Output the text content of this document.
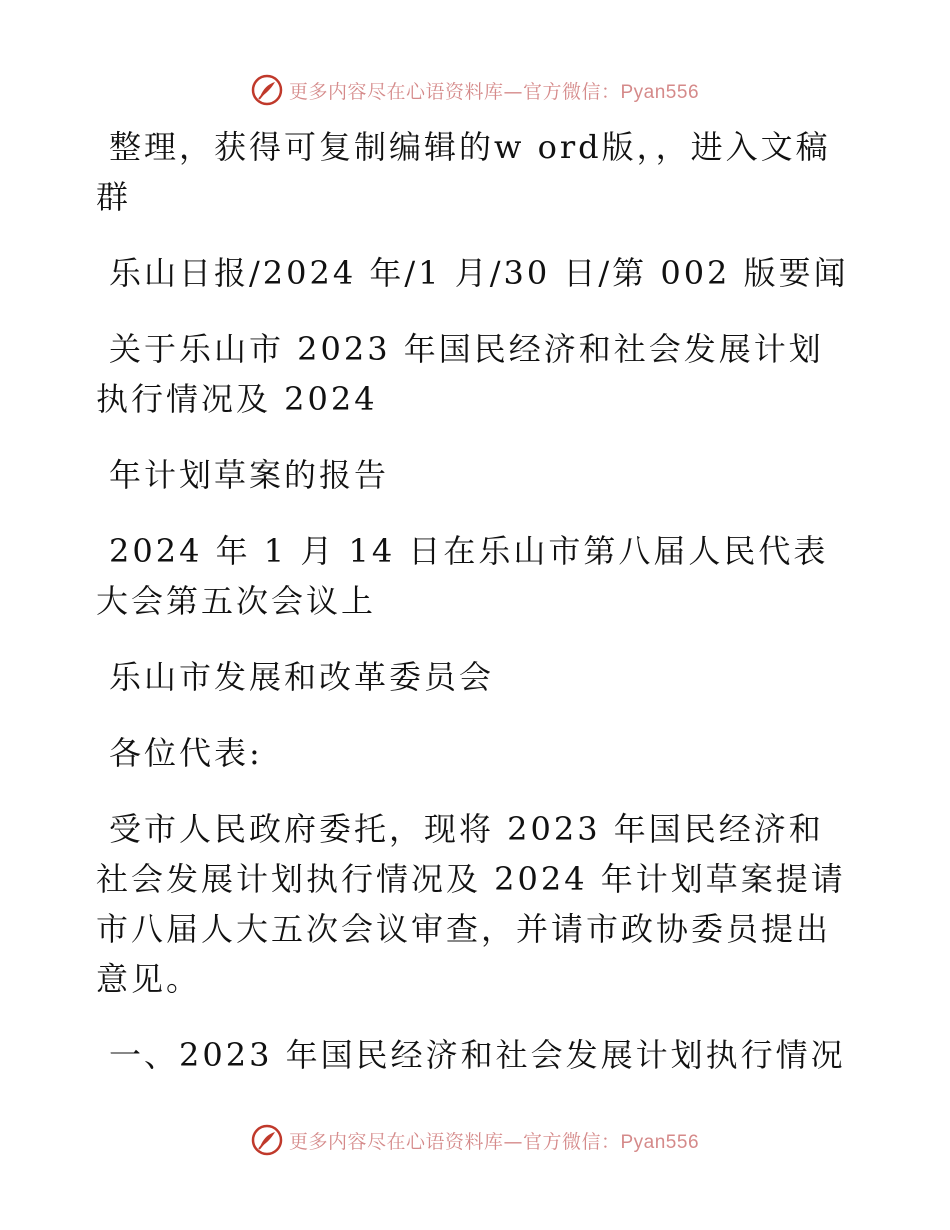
更多内容尽在心语资料库—官方微信：Pyan556

整理，获得可复制编辑的w ord版，，进入文稿群

乐山日报/2024 年/1 月/30 日/第 002 版要闻

关于乐山市 2023 年国民经济和社会发展计划执行情况及 2024

年计划草案的报告

2024 年 1 月 14 日在乐山市第八届人民代表大会第五次会议上

乐山市发展和改革委员会

各位代表:

受市人民政府委托，现将 2023 年国民经济和社会发展计划执行情况及 2024 年计划草案提请市八届人大五次会议审查，并请市政协委员提出意见。

一、2023 年国民经济和社会发展计划执行情况

更多内容尽在心语资料库—官方微信：Pyan556
